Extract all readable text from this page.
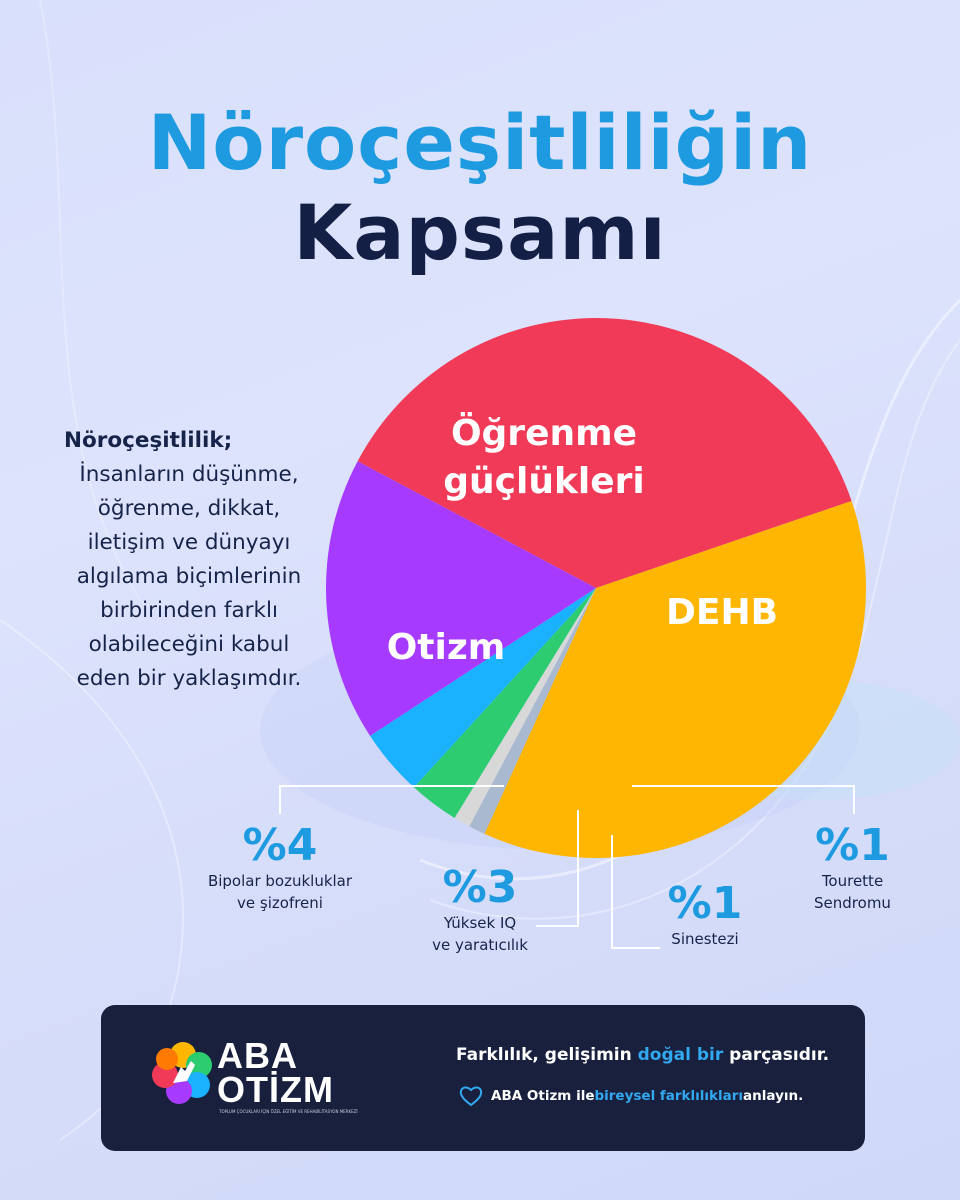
Nöroçeşitliliğin
Kapsamı
Nöroçeşitlilik;
İnsanların düşünme,
öğrenme, dikkat,
iletişim ve dünyayı
algılama biçimlerinin
birbirinden farklı
olabileceğini kabul
eden bir yaklaşımdır.
Öğrenme
güçlükleri
DEHB
Otizm
%4
Bipolar bozukluklar
ve şizofreni	%3
Yüksek IQ
ve yaratıcılık
%1
Sinestezi
%1
Tourette
Sendromu
ABA
OTİZM
TOPLUM ÇOCUKLARI İÇİN ÖZEL EĞİTİM VE REHABİLİTASYON MERKEZİ
Farklılık, gelişimin doğal bir parçasıdır.
ABA Otizm ile bireysel farklılıkları anlayın.
